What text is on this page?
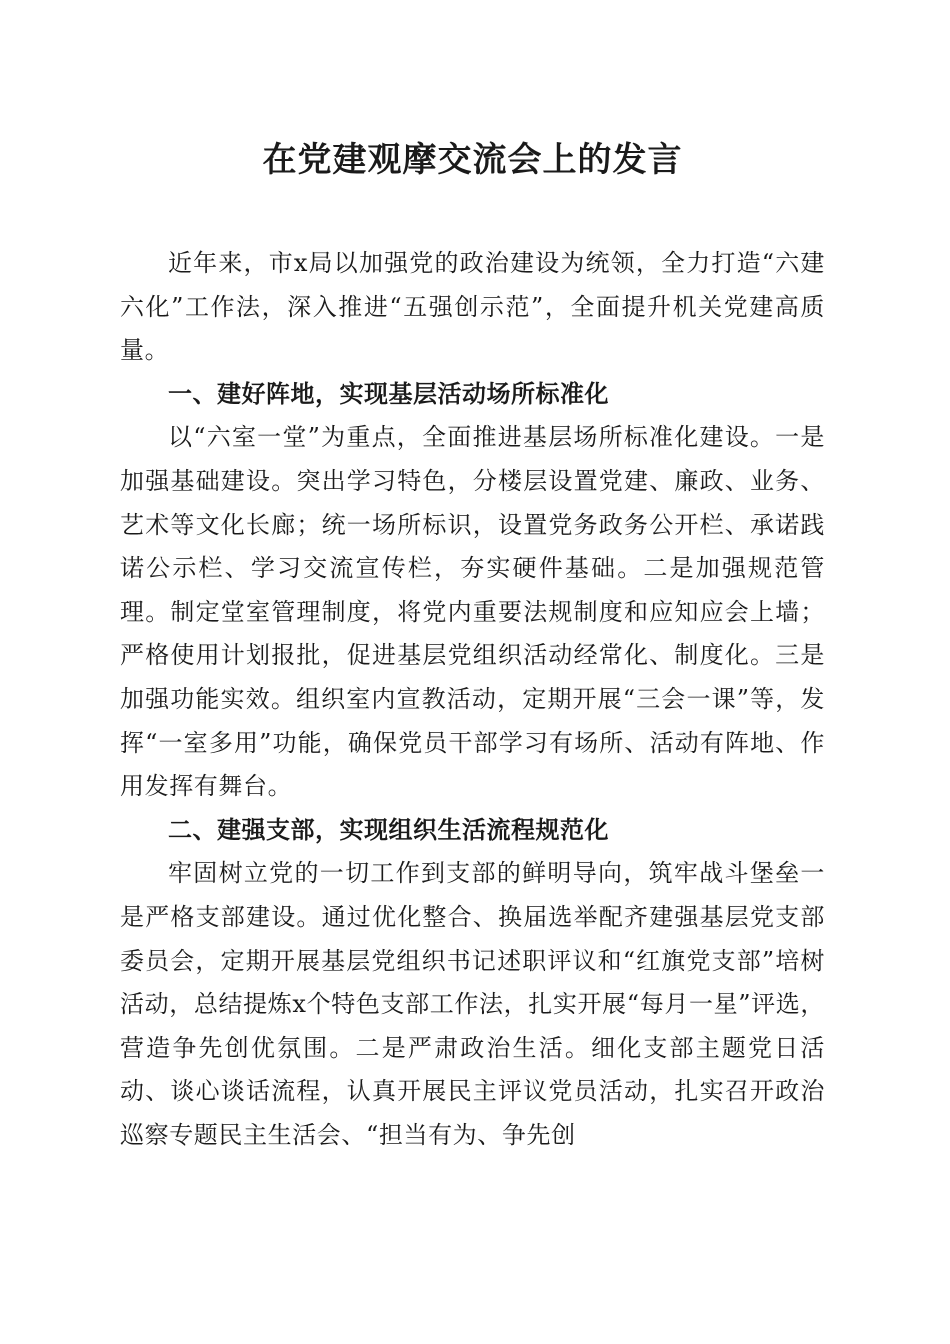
在党建观摩交流会上的发言

近年来，市x局以加强党的政治建设为统领，全力打造“六建六化”工作法，深入推进“五强创示范”，全面提升机关党建高质量。

一、建好阵地，实现基层活动场所标准化

以“六室一堂”为重点，全面推进基层场所标准化建设。一是加强基础建设。突出学习特色，分楼层设置党建、廉政、业务、艺术等文化长廊；统一场所标识，设置党务政务公开栏、承诺践诺公示栏、学习交流宣传栏，夯实硬件基础。二是加强规范管理。制定堂室管理制度，将党内重要法规制度和应知应会上墙；严格使用计划报批，促进基层党组织活动经常化、制度化。三是加强功能实效。组织室内宣教活动，定期开展“三会一课”等，发挥“一室多用”功能，确保党员干部学习有场所、活动有阵地、作用发挥有舞台。

二、建强支部，实现组织生活流程规范化

牢固树立党的一切工作到支部的鲜明导向，筑牢战斗堡垒一是严格支部建设。通过优化整合、换届选举配齐建强基层党支部委员会，定期开展基层党组织书记述职评议和“红旗党支部”培树活动，总结提炼x个特色支部工作法，扎实开展“每月一星”评选，营造争先创优氛围。二是严肃政治生活。细化支部主题党日活动、谈心谈话流程，认真开展民主评议党员活动，扎实召开政治巡察专题民主生活会、“担当有为、争先创
